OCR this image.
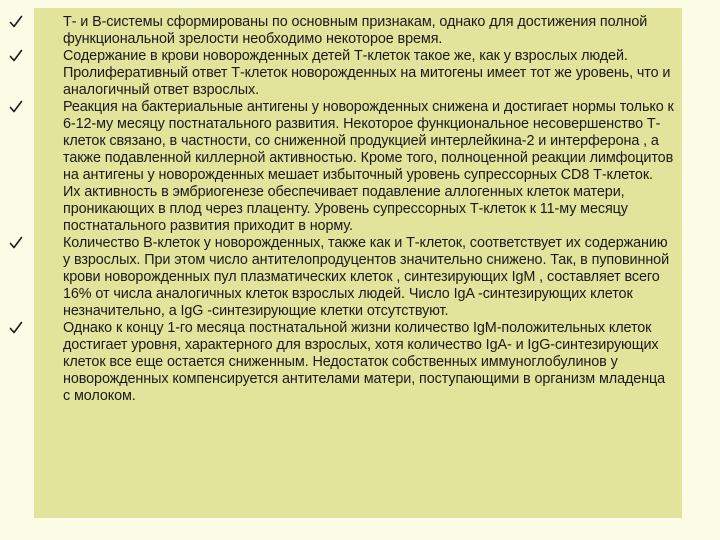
Т- и В-системы сформированы по основным признакам, однако для достижения полной функциональной зрелости необходимо некоторое время.
Содержание в крови новорожденных детей Т-клеток такое же, как у взрослых людей. Пролиферативный ответ Т-клеток новорожденных на митогены имеет тот же уровень, что и аналогичный ответ взрослых.
Реакция на бактериальные антигены у новорожденных снижена и достигает нормы только к 6-12-му месяцу постнатального развития. Некоторое функциональное несовершенство Т-клеток связано, в частности, со сниженной продукцией интерлейкина-2 и интерферона , а также подавленной киллерной активностью. Кроме того, полноценной реакции лимфоцитов на антигены у новорожденных мешает избыточный уровень супрессорных CD8 Т-клеток. Их активность в эмбриогенезе обеспечивает подавление аллогенных клеток матери, проникающих в плод через плаценту. Уровень супрессорных Т-клеток к 11-му месяцу постнатального развития приходит в норму.
Количество В-клеток у новорожденных, также как и Т-клеток, соответствует их содержанию у взрослых. При этом число антителопродуцентов значительно снижено. Так, в пуповинной крови новорожденных пул плазматических клеток , синтезирующих IgM , составляет всего 16% от числа аналогичных клеток взрослых людей. Число IgA -синтезирующих клеток незначительно, а IgG -синтезирующие клетки отсутствуют.
Однако к концу 1-го месяца постнатальной жизни количество IgM-положительных клеток достигает уровня, характерного для взрослых, хотя количество IgA- и IgG-синтезирующих клеток все еще остается сниженным. Недостаток собственных иммуноглобулинов у новорожденных компенсируется антителами матери, поступающими в организм младенца с молоком.
